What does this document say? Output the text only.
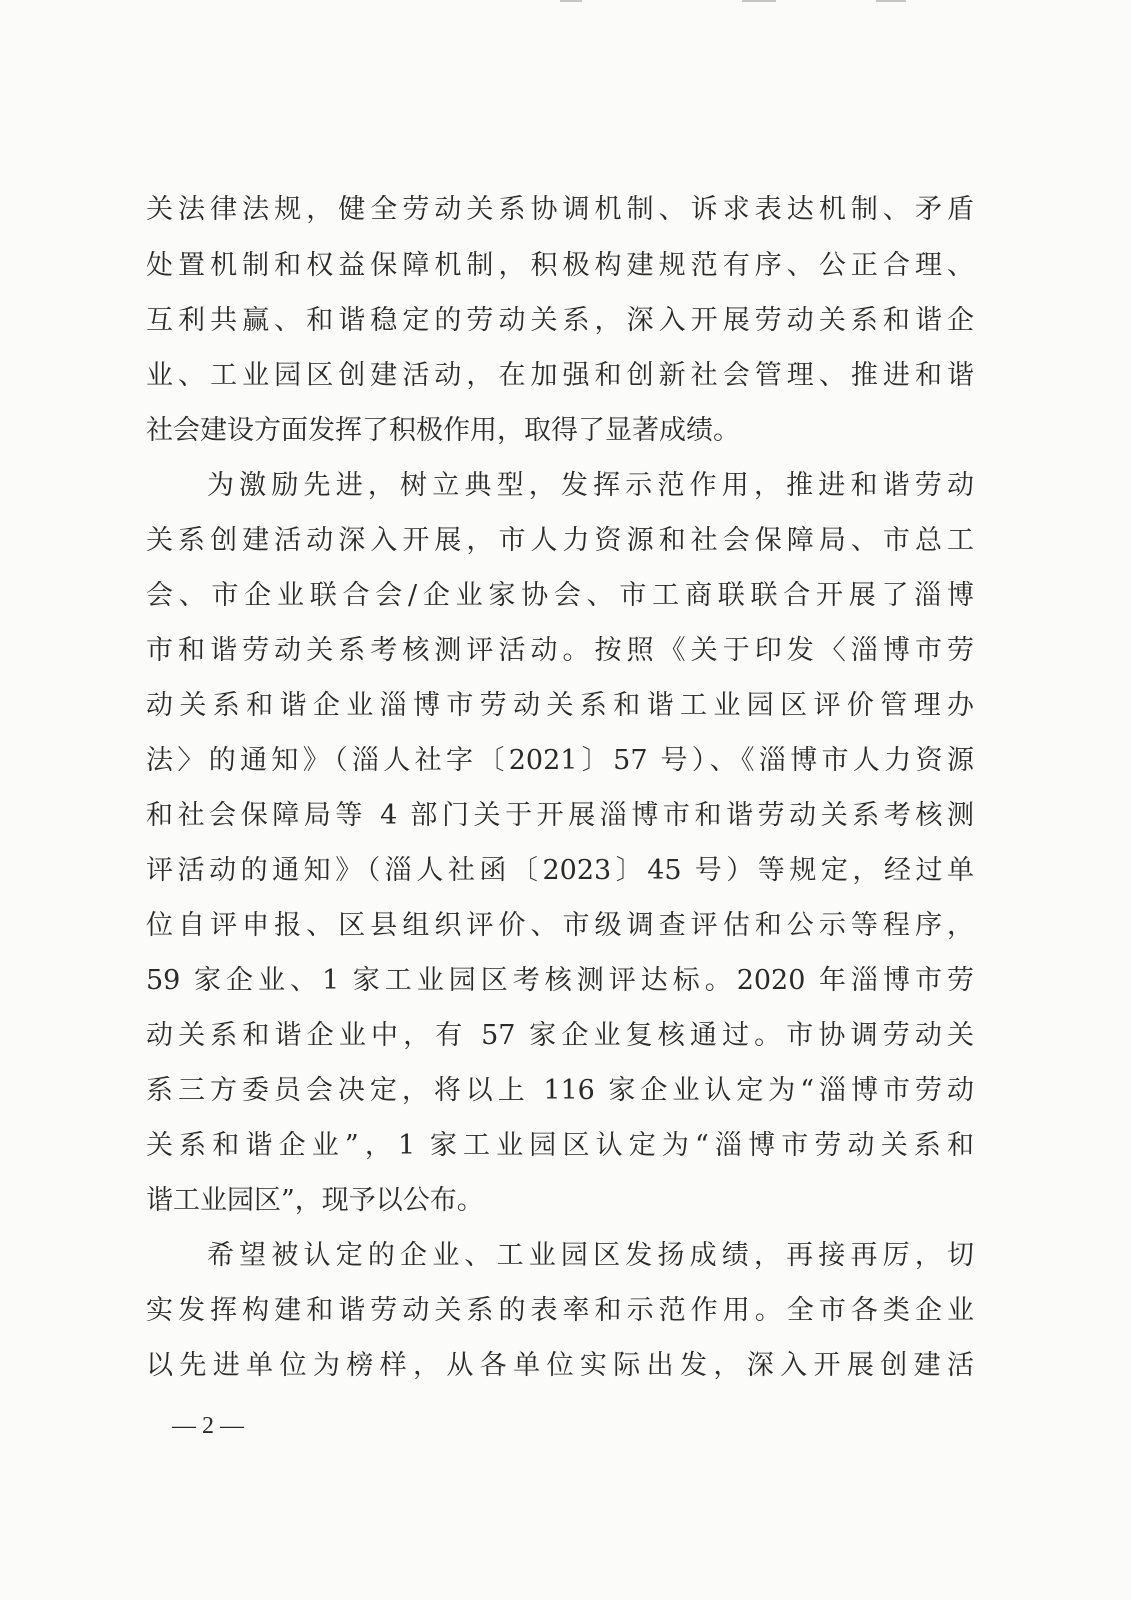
关法律法规，健全劳动关系协调机制、诉求表达机制、矛盾
处置机制和权益保障机制，积极构建规范有序、公正合理、
互利共赢、和谐稳定的劳动关系，深入开展劳动关系和谐企
业、工业园区创建活动，在加强和创新社会管理、推进和谐
社会建设方面发挥了积极作用，取得了显著成绩。
为激励先进，树立典型，发挥示范作用，推进和谐劳动
关系创建活动深入开展，市人力资源和社会保障局、市总工
会、市企业联合会/企业家协会、市工商联联合开展了淄博
市和谐劳动关系考核测评活动。按照《关于印发〈淄博市劳
动关系和谐企业淄博市劳动关系和谐工业园区评价管理办
法〉的通知》（淄人社字〔2021〕57 号）、《淄博市人力资源
和社会保障局等 4 部门关于开展淄博市和谐劳动关系考核测
评活动的通知》（淄人社函〔2023〕45 号）等规定，经过单
位自评申报、区县组织评价、市级调查评估和公示等程序，
59 家企业、1 家工业园区考核测评达标。2020 年淄博市劳
动关系和谐企业中，有 57 家企业复核通过。市协调劳动关
系三方委员会决定，将以上 116 家企业认定为“淄博市劳动
关系和谐企业”，1 家工业园区认定为“淄博市劳动关系和
谐工业园区”，现予以公布。
希望被认定的企业、工业园区发扬成绩，再接再厉，切
实发挥构建和谐劳动关系的表率和示范作用。全市各类企业
以先进单位为榜样，从各单位实际出发，深入开展创建活
— 2 —
